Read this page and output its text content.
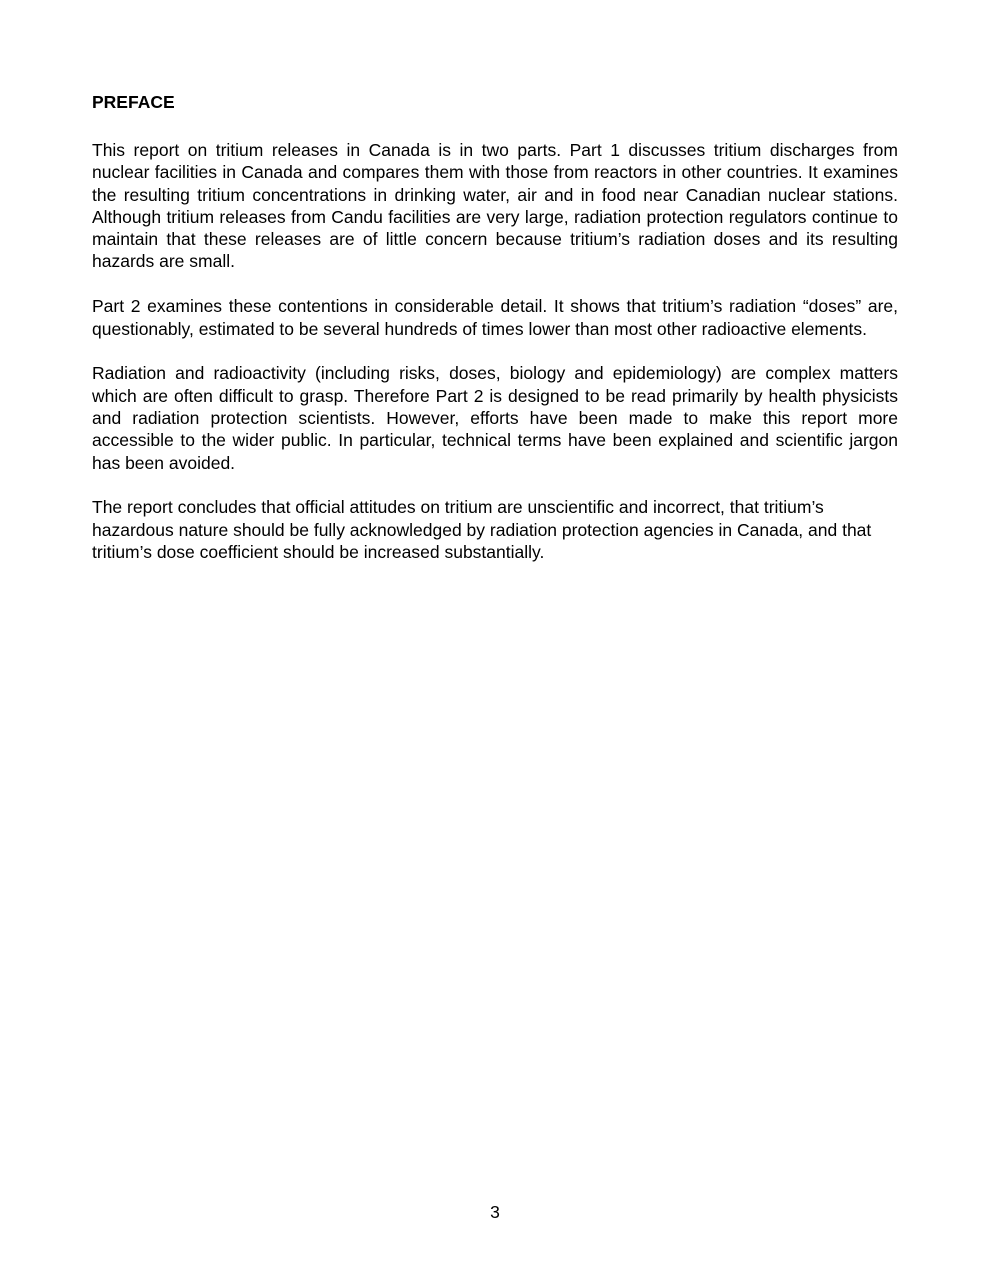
PREFACE

This report on tritium releases in Canada is in two parts. Part 1 discusses tritium discharges from nuclear facilities in Canada and compares them with those from reactors in other countries. It examines the resulting tritium concentrations in drinking water, air and in food near Canadian nuclear stations. Although tritium releases from Candu facilities are very large, radiation protection regulators continue to maintain that these releases are of little concern because tritium’s radiation doses and its resulting hazards are small.

Part 2 examines these contentions in considerable detail. It shows that tritium’s radiation “doses” are, questionably, estimated to be several hundreds of times lower than most other radioactive elements.

Radiation and radioactivity (including risks, doses, biology and epidemiology) are complex matters which are often difficult to grasp. Therefore Part 2 is designed to be read primarily by health physicists and radiation protection scientists. However, efforts have been made to make this report more accessible to the wider public. In particular, technical terms have been explained and scientific jargon has been avoided.

The report concludes that official attitudes on tritium are unscientific and incorrect, that tritium’s hazardous nature should be fully acknowledged by radiation protection agencies in Canada, and that tritium’s dose coefficient should be increased substantially.

3
